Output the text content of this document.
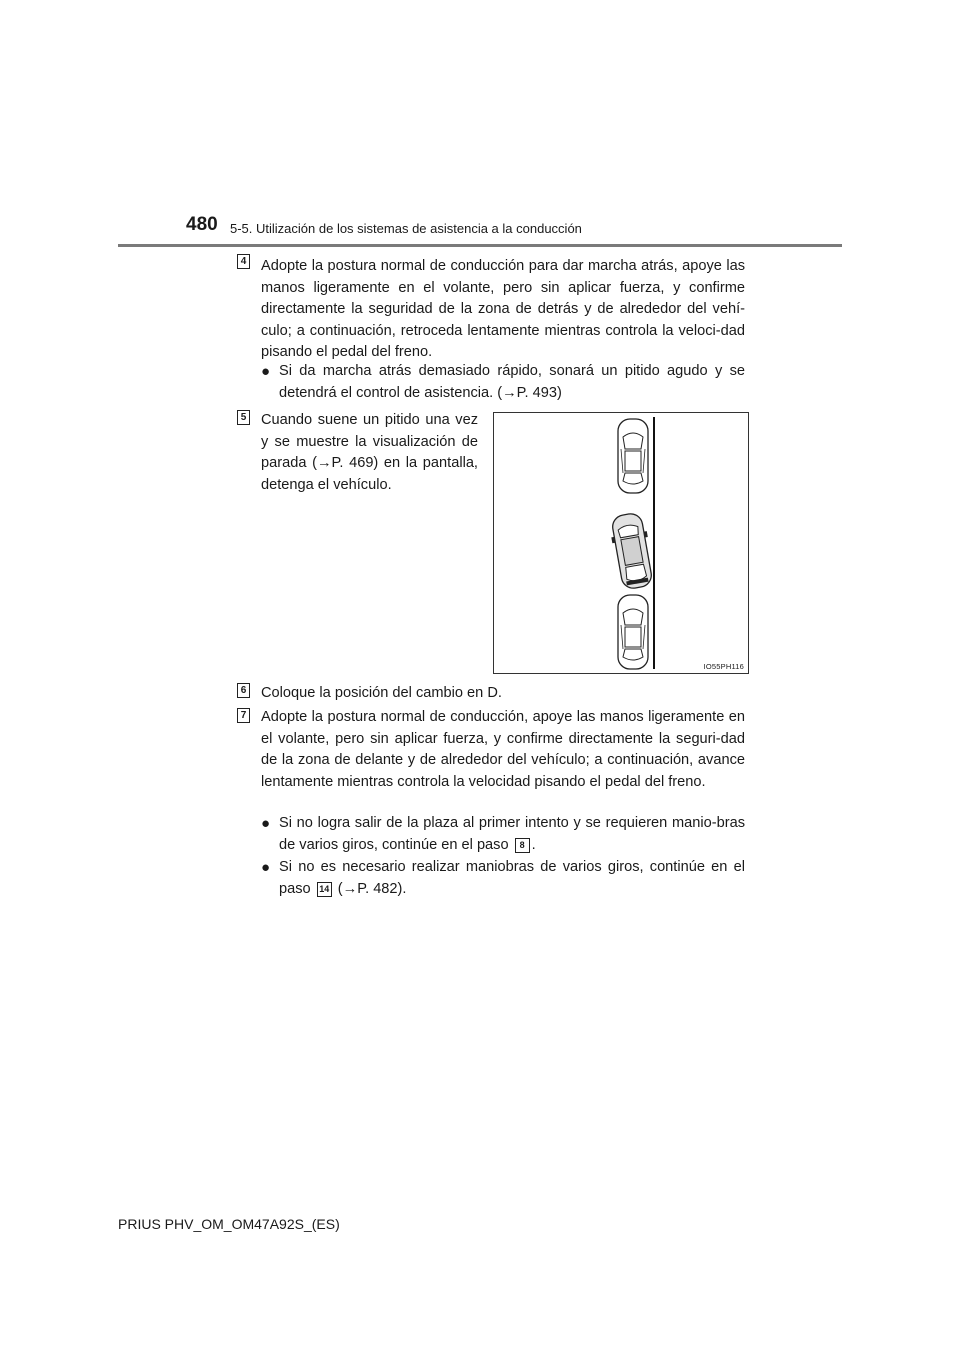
480 5-5. Utilización de los sistemas de asistencia a la conducción
4 Adopte la postura normal de conducción para dar marcha atrás, apoye las manos ligeramente en el volante, pero sin aplicar fuerza, y confirme directamente la seguridad de la zona de detrás y de alrededor del vehí-culo; a continuación, retroceda lentamente mientras controla la veloci-dad pisando el pedal del freno.

● Si da marcha atrás demasiado rápido, sonará un pitido agudo y se detendrá el control de asistencia. (→P. 493)
5 Cuando suene un pitido una vez y se muestre la visualización de parada (→P. 469) en la pantalla, detenga el vehículo.

IO55PH116
6 Coloque la posición del cambio en D.

7 Adopte la postura normal de conducción, apoye las manos ligeramente en el volante, pero sin aplicar fuerza, y confirme directamente la seguri-dad de la zona de delante y de alrededor del vehículo; a continuación, avance lentamente mientras controla la velocidad pisando el pedal del freno.

● Si no logra salir de la plaza al primer intento y se requieren manio-bras de varios giros, continúe en el paso 8 .
● Si no es necesario realizar maniobras de varios giros, continúe en el paso 14 (→P. 482).
PRIUS PHV_OM_OM47A92S_(ES)
